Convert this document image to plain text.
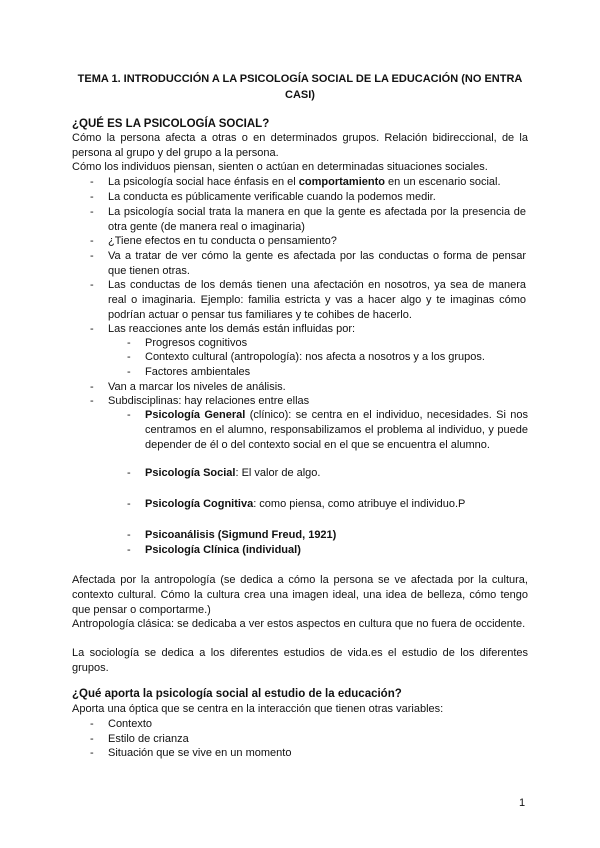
TEMA 1. INTRODUCCIÓN A LA PSICOLOGÍA SOCIAL DE LA EDUCACIÓN (NO ENTRA CASI)
¿QUÉ ES LA PSICOLOGÍA SOCIAL?
Cómo la persona afecta a otras o en determinados grupos. Relación bidireccional, de la persona al grupo y del grupo a la persona.
Cómo los individuos piensan, sienten o actúan en determinadas situaciones sociales.
- La psicología social hace énfasis en el comportamiento en un escenario social.
- La conducta es públicamente verificable cuando la podemos medir.
- La psicología social trata la manera en que la gente es afectada por la presencia de otra gente (de manera real o imaginaria)
- ¿Tiene efectos en tu conducta o pensamiento?
- Va a tratar de ver cómo la gente es afectada por las conductas o forma de pensar que tienen otras.
- Las conductas de los demás tienen una afectación en nosotros, ya sea de manera real o imaginaria. Ejemplo: familia estricta y vas a hacer algo y te imaginas cómo podrían actuar o pensar tus familiares y te cohibes de hacerlo.
- Las reacciones ante los demás están influidas por:
- Progresos cognitivos
- Contexto cultural (antropología): nos afecta a nosotros y a los grupos.
- Factores ambientales
- Van a marcar los niveles de análisis.
- Subdisciplinas: hay relaciones entre ellas
- Psicología General (clínico): se centra en el individuo, necesidades. Si nos centramos en el alumno, responsabilizamos el problema al individuo, y puede depender de él o del contexto social en el que se encuentra el alumno.
- Psicología Social: El valor de algo.
- Psicología Cognitiva: como piensa, como atribuye el individuo.P
- Psicoanálisis (Sigmund Freud, 1921)
- Psicología Clínica (individual)
Afectada por la antropología (se dedica a cómo la persona se ve afectada por la cultura, contexto cultural. Cómo la cultura crea una imagen ideal, una idea de belleza, cómo tengo que pensar o comportarme.)
Antropología clásica: se dedicaba a ver estos aspectos en cultura que no fuera de occidente.
La sociología se dedica a los diferentes estudios de vida.es el estudio de los diferentes grupos.
¿Qué aporta la psicología social al estudio de la educación?
Aporta una óptica que se centra en la interacción que tienen otras variables:
- Contexto
- Estilo de crianza
- Situación que se vive en un momento
1
